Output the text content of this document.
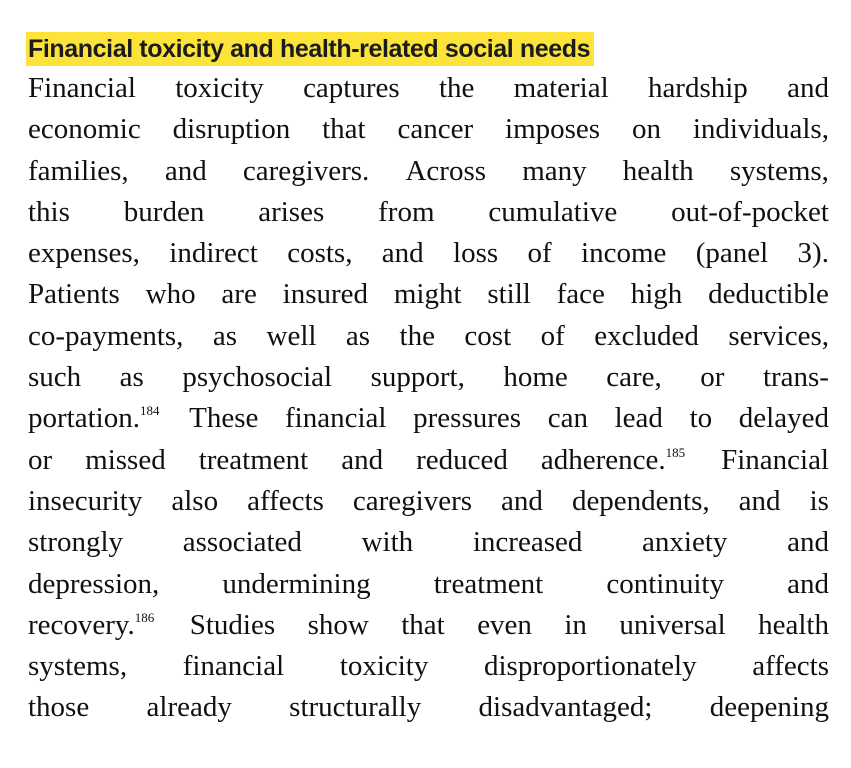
Financial toxicity and health-related social needs
Financial toxicity captures the material hardship and
economic disruption that cancer imposes on individuals,
families, and caregivers. Across many health systems,
this burden arises from cumulative out-of-pocket
expenses, indirect costs, and loss of income (panel 3).
Patients who are insured might still face high deductible
co-payments, as well as the cost of excluded services,
such as psychosocial support, home care, or trans-
portation.$^{184}$ These financial pressures can lead to delayed
or missed treatment and reduced adherence.$^{185}$ Financial
insecurity also affects caregivers and dependents, and is
strongly associated with increased anxiety and
depression, undermining treatment continuity and
recovery.$^{186}$ Studies show that even in universal health
systems, financial toxicity disproportionately affects
those already structurally disadvantaged; deepening
